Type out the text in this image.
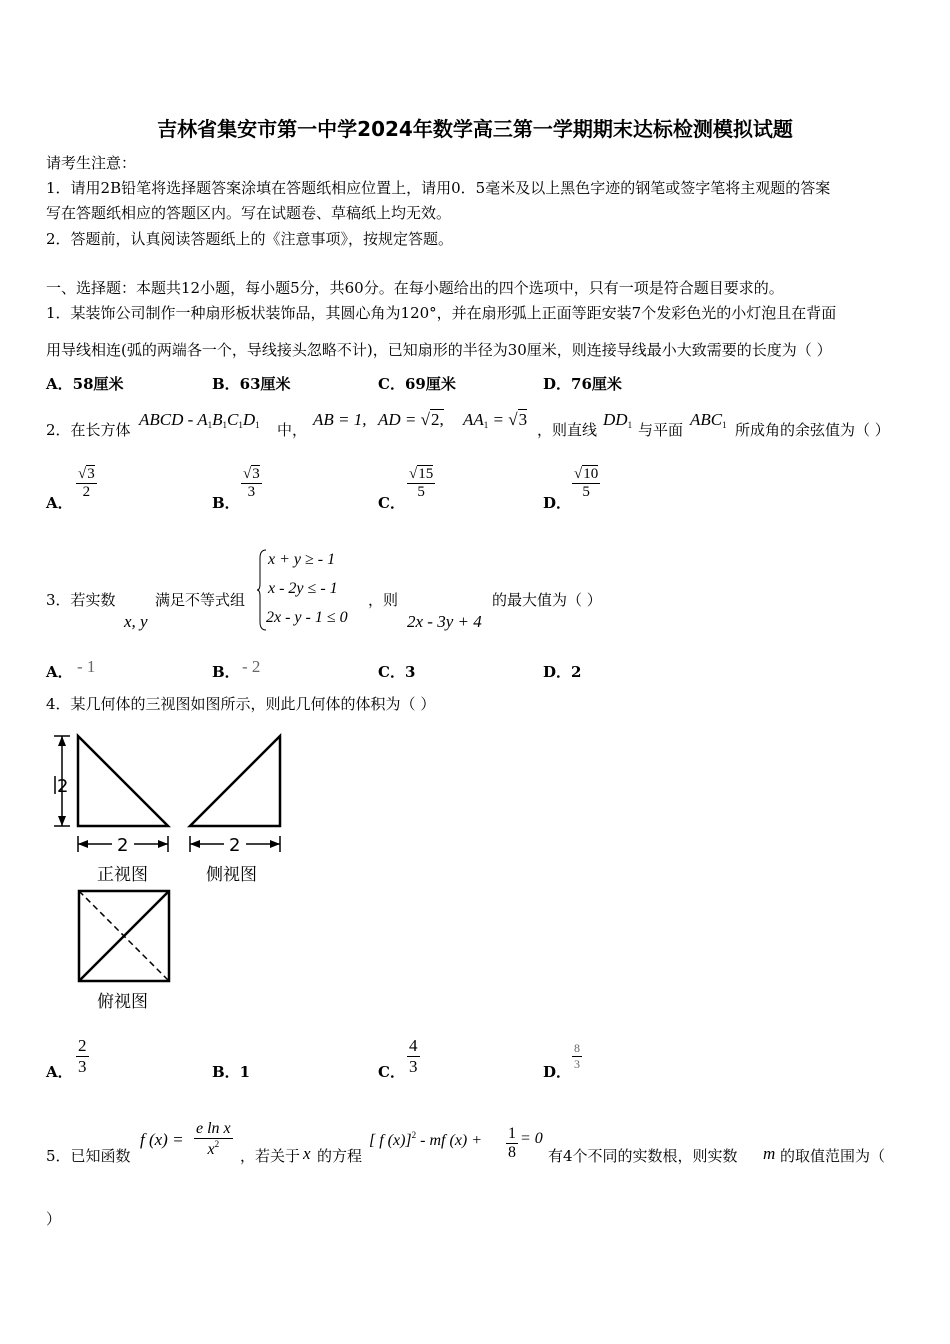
吉林省集安市第一中学2024年数学高三第一学期期末达标检测模拟试题
请考生注意：
1．请用2B铅笔将选择题答案涂填在答题纸相应位置上，请用0．5毫米及以上黑色字迹的钢笔或签字笔将主观题的答案
写在答题纸相应的答题区内。写在试题卷、草稿纸上均无效。
2．答题前，认真阅读答题纸上的《注意事项》，按规定答题。
一、选择题：本题共12小题，每小题5分，共60分。在每小题给出的四个选项中，只有一项是符合题目要求的。
1．某装饰公司制作一种扇形板状装饰品，其圆心角为120°，并在扇形弧上正面等距安装7个发彩色光的小灯泡且在背面
用导线相连(弧的两端各一个，导线接头忽略不计)，已知扇形的半径为30厘米，则连接导线最小大致需要的长度为（ ）
A．58厘米	B．63厘米	C．69厘米	D．76厘米
2．在长方体
ABCD - $A_1B_1C_1D_1$ 中，
AB = 1, AD = √2, $AA_1 = √3$
，则直线
$DD_1$ 与平面
$ABC_1$ 所成角的余弦值为（ ）
A．
$\frac{√3}{2}$
B．
$\frac{√3}{3}$
C．
$\frac{√15}{5}$
D．
$\frac{√10}{5}$
3．若实数
x, y
满足不等式组
x + y ≥ - 1
x - 2y ≤ - 1
2x - y - 1 ≤ 0
，则
2x - 3y + 4
的最大值为（ ）
A． - 1	B． - 2	C．3	D．2
4．某几何体的三视图如图所示，则此几何体的体积为（ ）
2
2	2
正视图	侧视图
俯视图
A． $\frac{2}{3}$	B．1	C． $\frac{4}{3}$	D． $\frac{8}{3}$
5．已知函数
f $(x) = \frac{\text{e ln x}}{x^2}$ ，若关于 x 的方程
[ f (x)]$^2$ - mf $(x) + \frac{1}{8} = 0$
有4个不同的实数根，则实数 m 的取值范围为（
）
